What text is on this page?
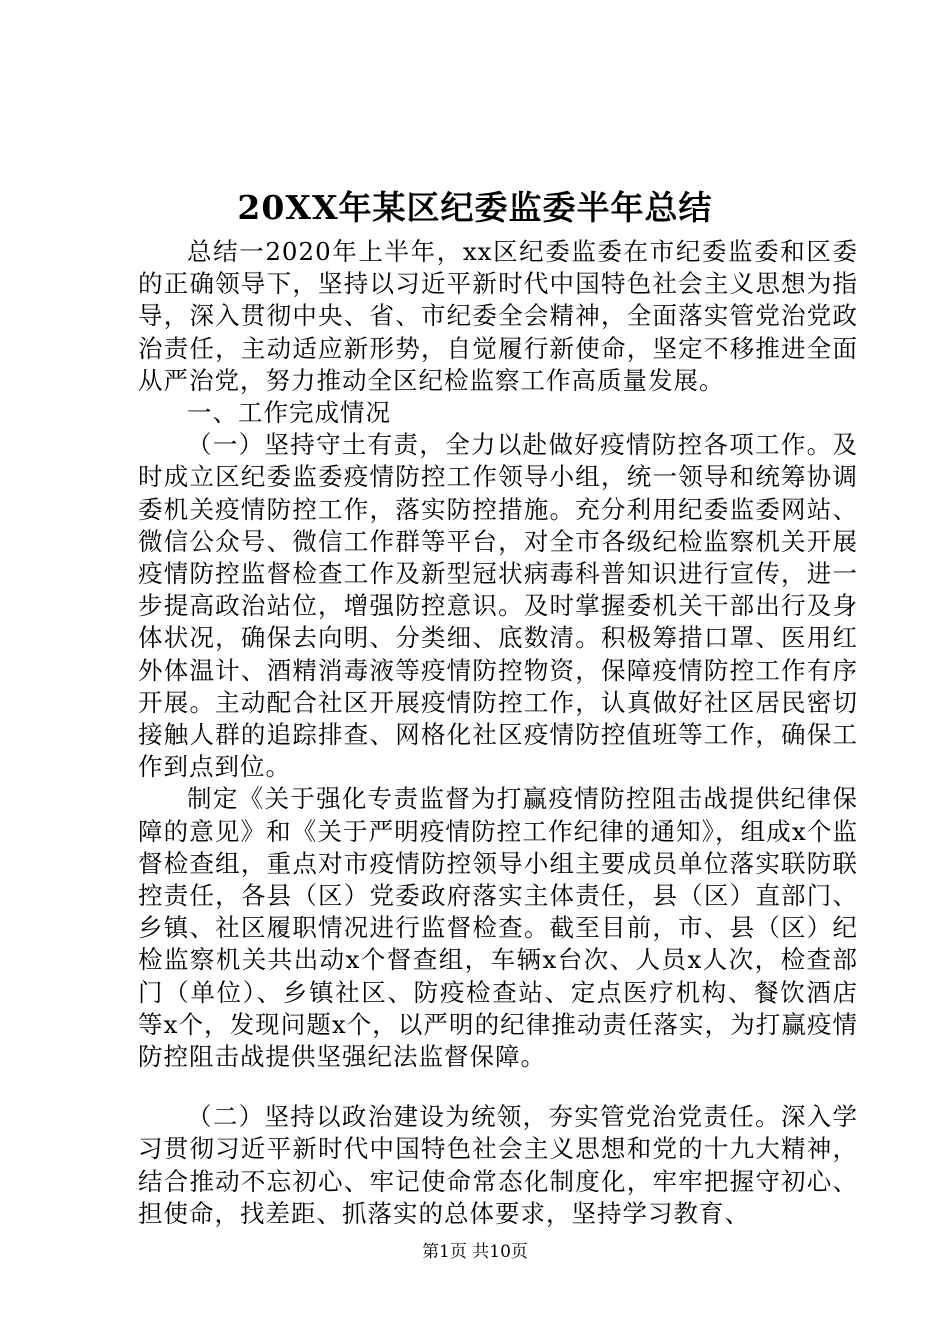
20XX年某区纪委监委半年总结

总结一2020年上半年，xx区纪委监委在市纪委监委和区委的正确领导下，坚持以习近平新时代中国特色社会主义思想为指导，深入贯彻中央、省、市纪委全会精神，全面落实管党治党政治责任，主动适应新形势，自觉履行新使命，坚定不移推进全面从严治党，努力推动全区纪检监察工作高质量发展。

一、工作完成情况

（一）坚持守土有责，全力以赴做好疫情防控各项工作。及时成立区纪委监委疫情防控工作领导小组，统一领导和统筹协调委机关疫情防控工作，落实防控措施。充分利用纪委监委网站、微信公众号、微信工作群等平台，对全市各级纪检监察机关开展疫情防控监督检查工作及新型冠状病毒科普知识进行宣传，进一步提高政治站位，增强防控意识。及时掌握委机关干部出行及身体状况，确保去向明、分类细、底数清。积极筹措口罩、医用红外体温计、酒精消毒液等疫情防控物资，保障疫情防控工作有序开展。主动配合社区开展疫情防控工作，认真做好社区居民密切接触人群的追踪排查、网格化社区疫情防控值班等工作，确保工作到点到位。

制定《关于强化专责监督为打赢疫情防控阻击战提供纪律保障的意见》和《关于严明疫情防控工作纪律的通知》，组成x个监督检查组，重点对市疫情防控领导小组主要成员单位落实联防联控责任，各县（区）党委政府落实主体责任，县（区）直部门、乡镇、社区履职情况进行监督检查。截至目前，市、县（区）纪检监察机关共出动x个督查组，车辆x台次、人员x人次，检查部门（单位）、乡镇社区、防疫检查站、定点医疗机构、餐饮酒店等x个，发现问题x个，以严明的纪律推动责任落实，为打赢疫情防控阻击战提供坚强纪法监督保障。

（二）坚持以政治建设为统领，夯实管党治党责任。深入学习贯彻习近平新时代中国特色社会主义思想和党的十九大精神，结合推动不忘初心、牢记使命常态化制度化，牢牢把握守初心、担使命，找差距、抓落实的总体要求，坚持学习教育、

第1页 共10页
